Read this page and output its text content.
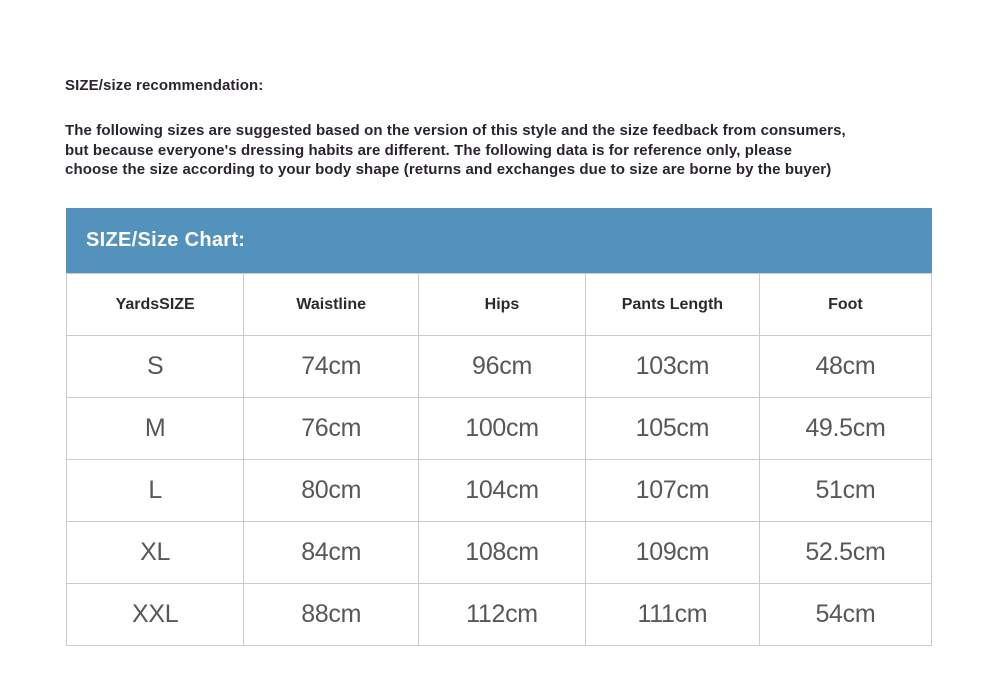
SIZE/size recommendation:
The following sizes are suggested based on the version of this style and the size feedback from consumers,
but because everyone's dressing habits are different. The following data is for reference only, please
choose the size according to your body shape (returns and exchanges due to size are borne by the buyer)
SIZE/Size Chart:
YardsSIZE	Waistline	Hips	Pants Length	Foot
S	74cm	96cm	103cm	48cm
M	76cm	100cm	105cm	49.5cm
L	80cm	104cm	107cm	51cm
XL	84cm	108cm	109cm	52.5cm
XXL	88cm	112cm	111cm	54cm
